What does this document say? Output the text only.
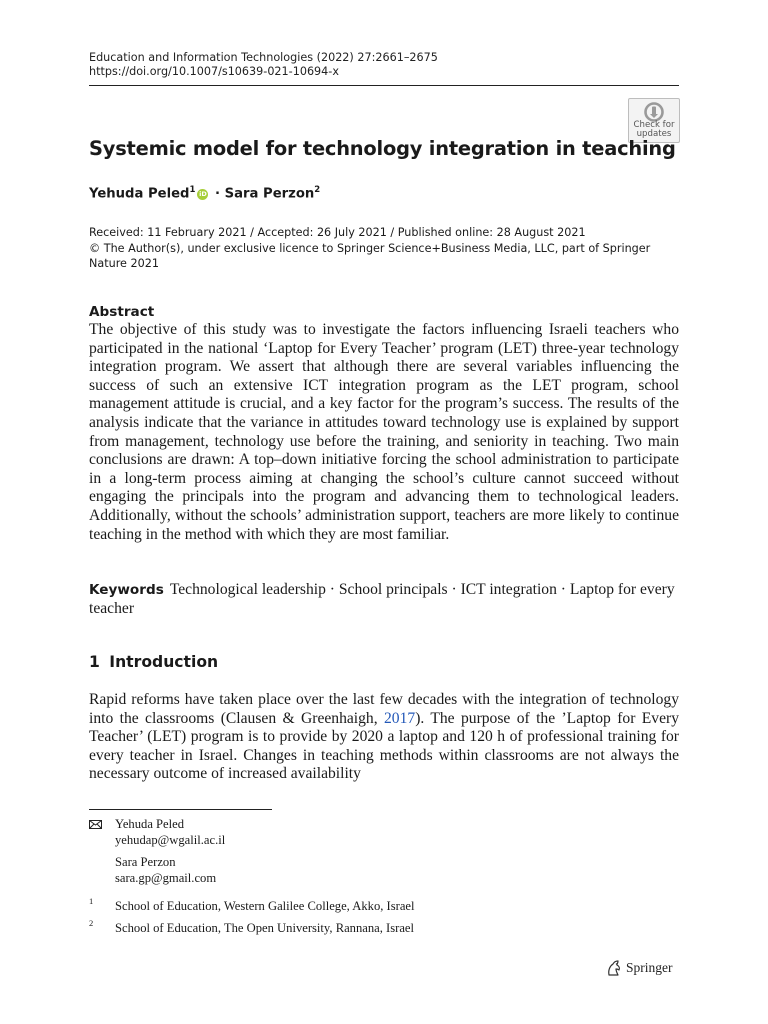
Education and Information Technologies (2022) 27:2661–2675
https://doi.org/10.1007/s10639-021-10694-x
Check for
updates
Systemic model for technology integration in teaching
Yehuda Peled$^1$ iD · Sara Perzon$^2$
Received: 11 February 2021 / Accepted: 26 July 2021 / Published online: 28 August 2021
© The Author(s), under exclusive licence to Springer Science+Business Media, LLC, part of Springer Nature 2021
Abstract
The objective of this study was to investigate the factors influencing Israeli teachers who participated in the national ‘Laptop for Every Teacher’ program (LET) three-year technology integration program. We assert that although there are several variables influencing the success of such an extensive ICT integration program as the LET program, school management attitude is crucial, and a key factor for the program’s success. The results of the analysis indicate that the variance in attitudes toward technology use is explained by support from management, technology use before the training, and seniority in teaching. Two main conclusions are drawn: A top–down initiative forcing the school administration to participate in a long-term process aiming at changing the school’s culture cannot succeed without engaging the principals into the program and advancing them to technological leaders. Additionally, without the schools’ administration support, teachers are more likely to continue teaching in the method with which they are most familiar.
Keywords Technological leadership · School principals · ICT integration · Laptop for every teacher
1 Introduction
Rapid reforms have taken place over the last few decades with the integration of technology into the classrooms (Clausen & Greenhaigh, 2017). The purpose of the ’Laptop for Every Teacher’ (LET) program is to provide by 2020 a laptop and 120 h of professional training for every teacher in Israel. Changes in teaching methods within classrooms are not always the necessary outcome of increased availability
Yehuda Peled
yehudap@wgalil.ac.il
Sara Perzon
sara.gp@gmail.com
1 School of Education, Western Galilee College, Akko, Israel
2 School of Education, The Open University, Rannana, Israel
Springer
